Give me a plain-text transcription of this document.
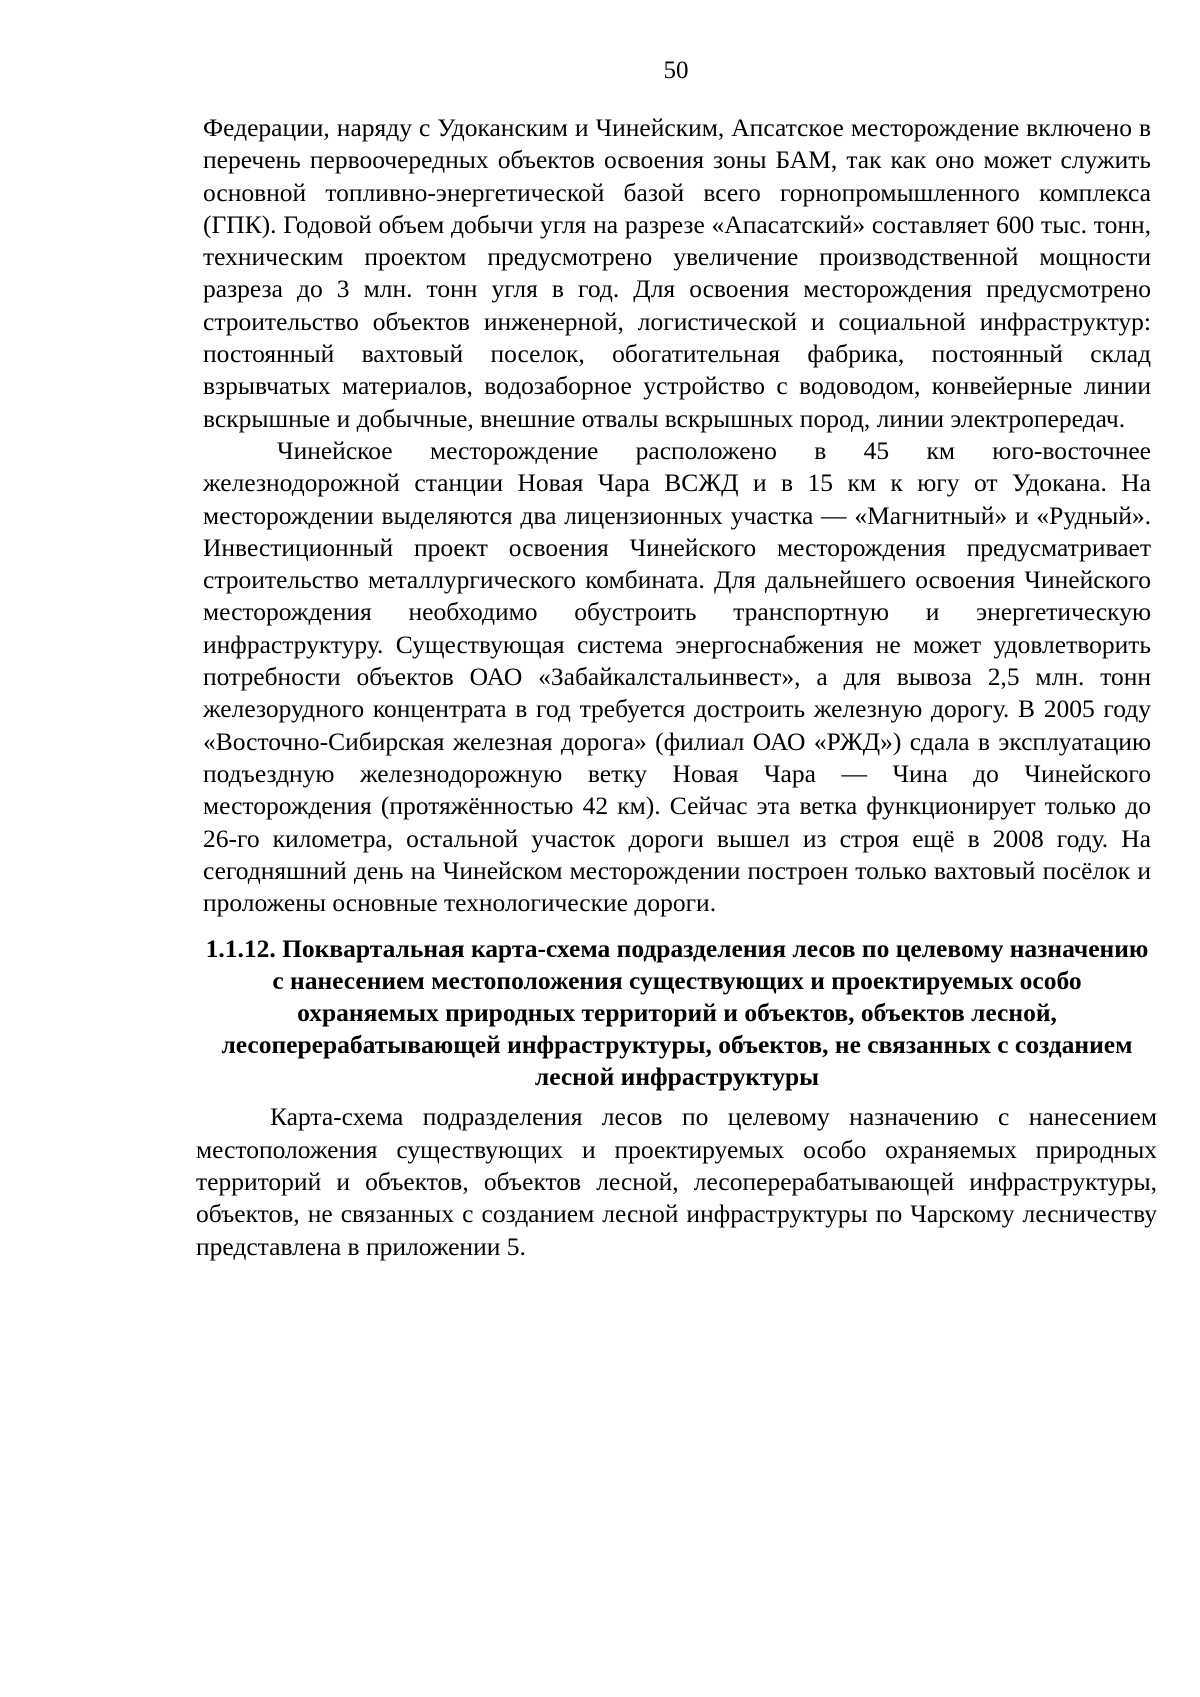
50

Федерации, наряду с Удоканским и Чинейским, Апсатское месторождение включено в перечень первоочередных объектов освоения зоны БАМ, так как оно может служить основной топливно-энергетической базой всего горнопромышленного комплекса (ГПК). Годовой объем добычи угля на разрезе «Апасатский» составляет 600 тыс. тонн, техническим проектом предусмотрено увеличение производственной мощности разреза до 3 млн. тонн угля в год. Для освоения месторождения предусмотрено строительство объектов инженерной, логистической и социальной инфраструктур: постоянный вахтовый поселок, обогатительная фабрика, постоянный склад взрывчатых материалов, водозаборное устройство с водоводом, конвейерные линии вскрышные и добычные, внешние отвалы вскрышных пород, линии электропередач.

Чинейское месторождение расположено в 45 км юго-восточнее железнодорожной станции Новая Чара ВСЖД и в 15 км к югу от Удокана. На месторождении выделяются два лицензионных участка — «Магнитный» и «Рудный». Инвестиционный проект освоения Чинейского месторождения предусматривает строительство металлургического комбината. Для дальнейшего освоения Чинейского месторождения необходимо обустроить транспортную и энергетическую инфраструктуру. Существующая система энергоснабжения не может удовлетворить потребности объектов ОАО «Забайкалстальинвест», а для вывоза 2,5 млн. тонн железорудного концентрата в год требуется достроить железную дорогу. В 2005 году «Восточно-Сибирская железная дорога» (филиал ОАО «РЖД») сдала в эксплуатацию подъездную железнодорожную ветку Новая Чара — Чина до Чинейского месторождения (протяжённостью 42 км). Сейчас эта ветка функционирует только до 26-го километра, остальной участок дороги вышел из строя ещё в 2008 году. На сегодняшний день на Чинейском месторождении построен только вахтовый посёлок и проложены основные технологические дороги.

1.1.12. Поквартальная карта-схема подразделения лесов по целевому назначению с нанесением местоположения существующих и проектируемых особо охраняемых природных территорий и объектов, объектов лесной, лесоперерабатывающей инфраструктуры, объектов, не связанных с созданием лесной инфраструктуры

Карта-схема подразделения лесов по целевому назначению с нанесением местоположения существующих и проектируемых особо охраняемых природных территорий и объектов, объектов лесной, лесоперерабатывающей инфраструктуры, объектов, не связанных с созданием лесной инфраструктуры по Чарскому лесничеству представлена в приложении 5.
